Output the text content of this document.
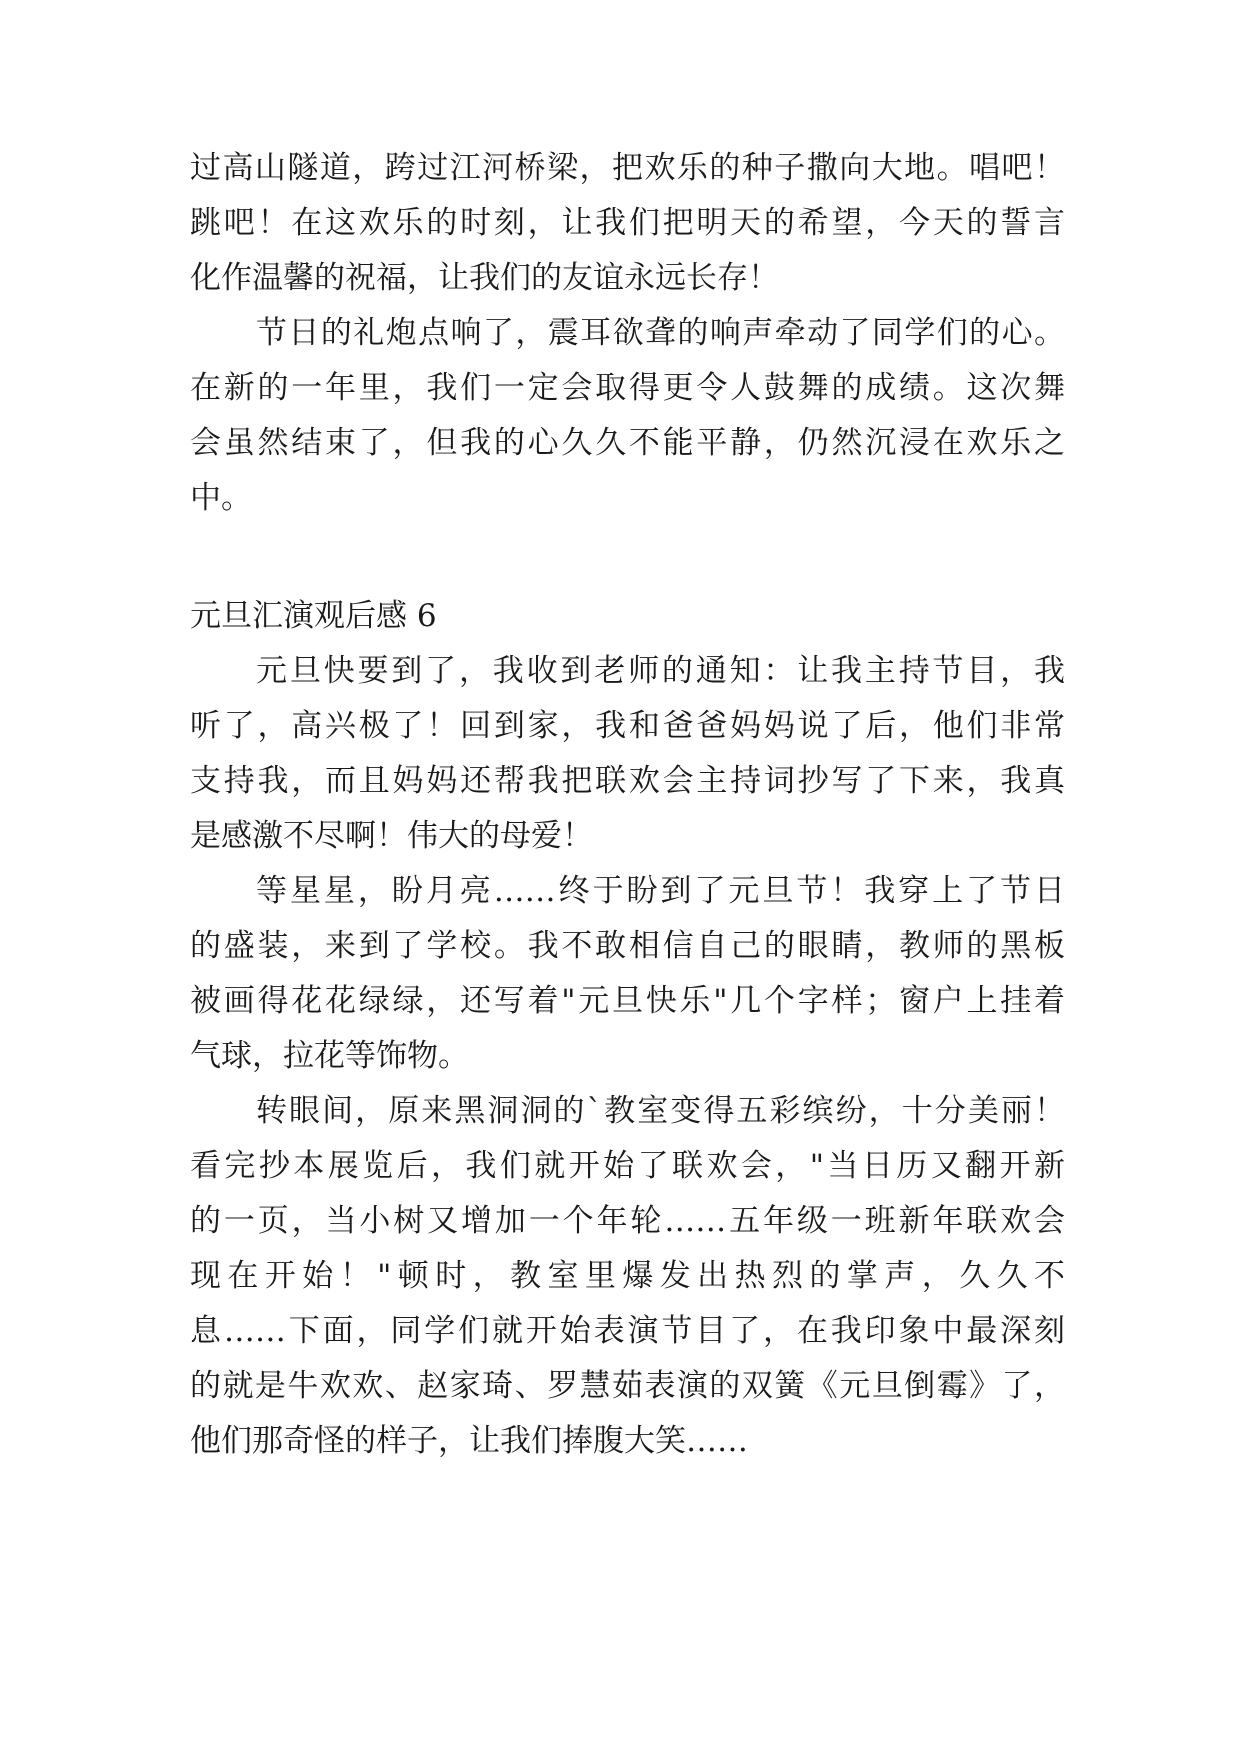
过高山隧道，跨过江河桥梁，把欢乐的种子撒向大地。唱吧！
跳吧！在这欢乐的时刻，让我们把明天的希望，今天的誓言
化作温馨的祝福，让我们的友谊永远长存！
节日的礼炮点响了，震耳欲聋的响声牵动了同学们的心。
在新的一年里，我们一定会取得更令人鼓舞的成绩。这次舞
会虽然结束了，但我的心久久不能平静，仍然沉浸在欢乐之
中。
元旦汇演观后感 6
元旦快要到了，我收到老师的通知：让我主持节目，我
听了，高兴极了！回到家，我和爸爸妈妈说了后，他们非常
支持我，而且妈妈还帮我把联欢会主持词抄写了下来，我真
是感激不尽啊！伟大的母爱！
等星星，盼月亮……终于盼到了元旦节！我穿上了节日
的盛装，来到了学校。我不敢相信自己的眼睛，教师的黑板
被画得花花绿绿，还写着"元旦快乐"几个字样；窗户上挂着
气球，拉花等饰物。
转眼间，原来黑洞洞的`教室变得五彩缤纷，十分美丽！
看完抄本展览后，我们就开始了联欢会，"当日历又翻开新
的一页，当小树又增加一个年轮……五年级一班新年联欢会
现在开始！"顿时，教室里爆发出热烈的掌声，久久不
息……下面，同学们就开始表演节目了，在我印象中最深刻
的就是牛欢欢、赵家琦、罗慧茹表演的双簧《元旦倒霉》了，
他们那奇怪的样子，让我们捧腹大笑……
